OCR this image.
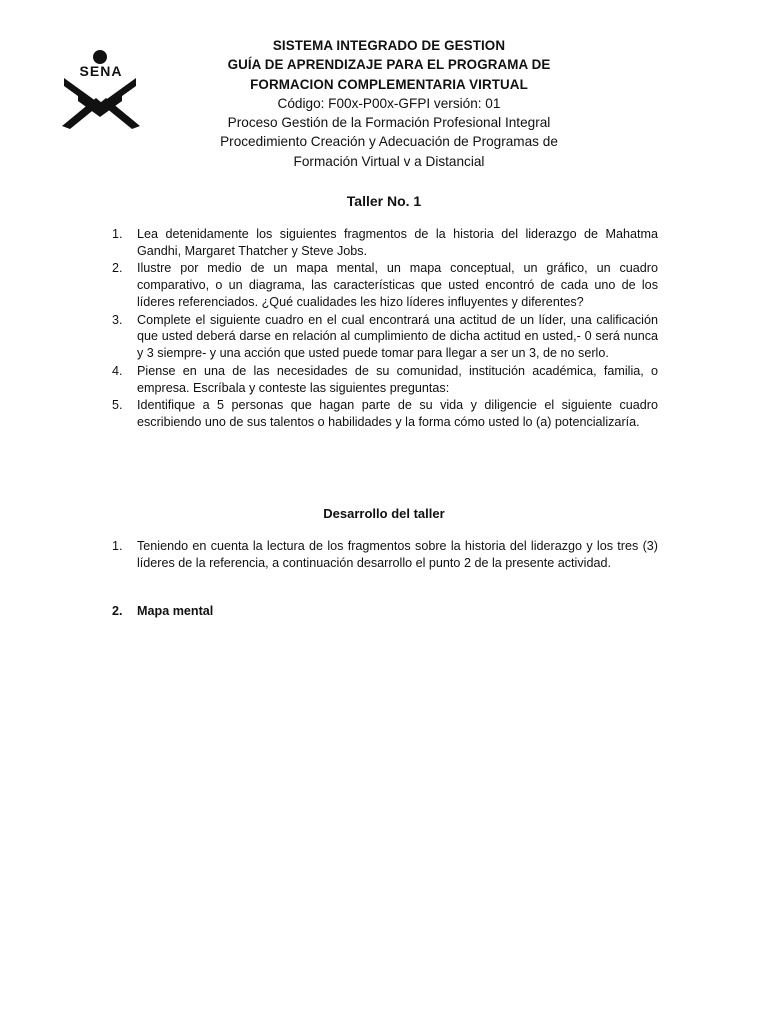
SENA
SISTEMA INTEGRADO DE GESTION
GUÍA DE APRENDIZAJE PARA EL PROGRAMA DE
FORMACION COMPLEMENTARIA VIRTUAL
Código: F00x-P00x-GFPI versión: 01
Proceso Gestión de la Formación Profesional Integral
Procedimiento Creación y Adecuación de Programas de
Formación Virtual v a Distancial
Taller No. 1
1. Lea detenidamente los siguientes fragmentos de la historia del liderazgo de Mahatma Gandhi, Margaret Thatcher y Steve Jobs.
2. Ilustre por medio de un mapa mental, un mapa conceptual, un gráfico, un cuadro comparativo, o un diagrama, las características que usted encontró de cada uno de los líderes referenciados. ¿Qué cualidades les hizo líderes influyentes y diferentes?
3. Complete el siguiente cuadro en el cual encontrará una actitud de un líder, una calificación que usted deberá darse en relación al cumplimiento de dicha actitud en usted,- 0 será nunca y 3 siempre- y una acción que usted puede tomar para llegar a ser un 3, de no serlo.
4. Piense en una de las necesidades de su comunidad, institución académica, familia, o empresa. Escríbala y conteste las siguientes preguntas:
5. Identifique a 5 personas que hagan parte de su vida y diligencie el siguiente cuadro escribiendo uno de sus talentos o habilidades y la forma cómo usted lo (a) potencializaría.
Desarrollo del taller
1.	Teniendo en cuenta la lectura de los fragmentos sobre la historia del liderazgo y los tres (3) líderes de la referencia, a continuación desarrollo el punto 2 de la presente actividad.
2.	Mapa mental
